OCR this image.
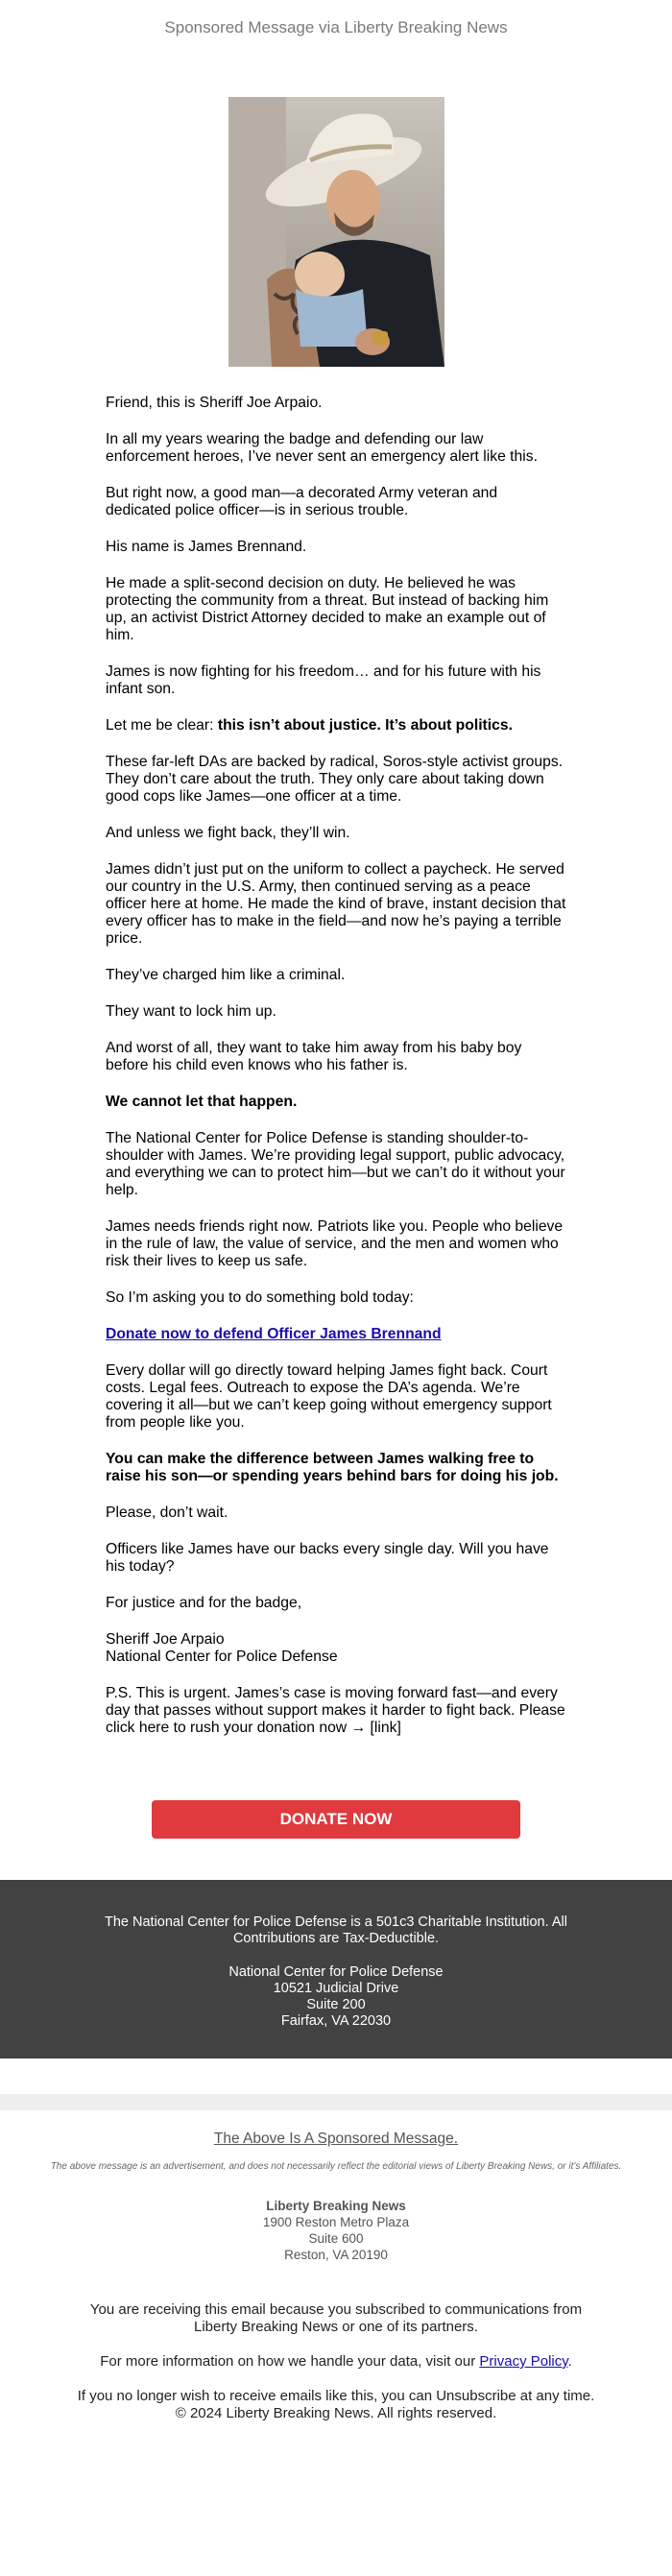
Sponsored Message via Liberty Breaking News

Friend, this is Sheriff Joe Arpaio.

In all my years wearing the badge and defending our law enforcement heroes, I’ve never sent an emergency alert like this.

But right now, a good man—a decorated Army veteran and dedicated police officer—is in serious trouble.

His name is James Brennand.

He made a split-second decision on duty. He believed he was protecting the community from a threat. But instead of backing him up, an activist District Attorney decided to make an example out of him.

James is now fighting for his freedom… and for his future with his infant son.

Let me be clear: this isn’t about justice. It’s about politics.

These far-left DAs are backed by radical, Soros-style activist groups. They don’t care about the truth. They only care about taking down good cops like James—one officer at a time.

And unless we fight back, they’ll win.

James didn’t just put on the uniform to collect a paycheck. He served our country in the U.S. Army, then continued serving as a peace officer here at home. He made the kind of brave, instant decision that every officer has to make in the field—and now he’s paying a terrible price.

They’ve charged him like a criminal.

They want to lock him up.

And worst of all, they want to take him away from his baby boy before his child even knows who his father is.

We cannot let that happen.

The National Center for Police Defense is standing shoulder-to-shoulder with James. We’re providing legal support, public advocacy, and everything we can to protect him—but we can’t do it without your help.

James needs friends right now. Patriots like you. People who believe in the rule of law, the value of service, and the men and women who risk their lives to keep us safe.

So I’m asking you to do something bold today:

Donate now to defend Officer James Brennand

Every dollar will go directly toward helping James fight back. Court costs. Legal fees. Outreach to expose the DA’s agenda. We’re covering it all—but we can’t keep going without emergency support from people like you.

You can make the difference between James walking free to raise his son—or spending years behind bars for doing his job.

Please, don’t wait.

Officers like James have our backs every single day. Will you have his today?

For justice and for the badge,

Sheriff Joe Arpaio

National Center for Police Defense

P.S. This is urgent. James’s case is moving forward fast—and every day that passes without support makes it harder to fight back. Please click here to rush your donation now → [link]

DONATE NOW
The National Center for Police Defense is a 501c3 Charitable Institution. All Contributions are Tax-Deductible.
National Center for Police Defense
10521 Judicial Drive
Suite 200
Fairfax, VA 22030
The Above Is A Sponsored Message.
The above message is an advertisement, and does not necessarily reflect the editorial views of Liberty Breaking News, or it's Affiliates.
Liberty Breaking News
1900 Reston Metro Plaza
Suite 600
Reston, VA 20190
You are receiving this email because you subscribed to communications from Liberty Breaking News or one of its partners.
For more information on how we handle your data, visit our Privacy Policy.
If you no longer wish to receive emails like this, you can Unsubscribe at any time.
© 2024 Liberty Breaking News. All rights reserved.
